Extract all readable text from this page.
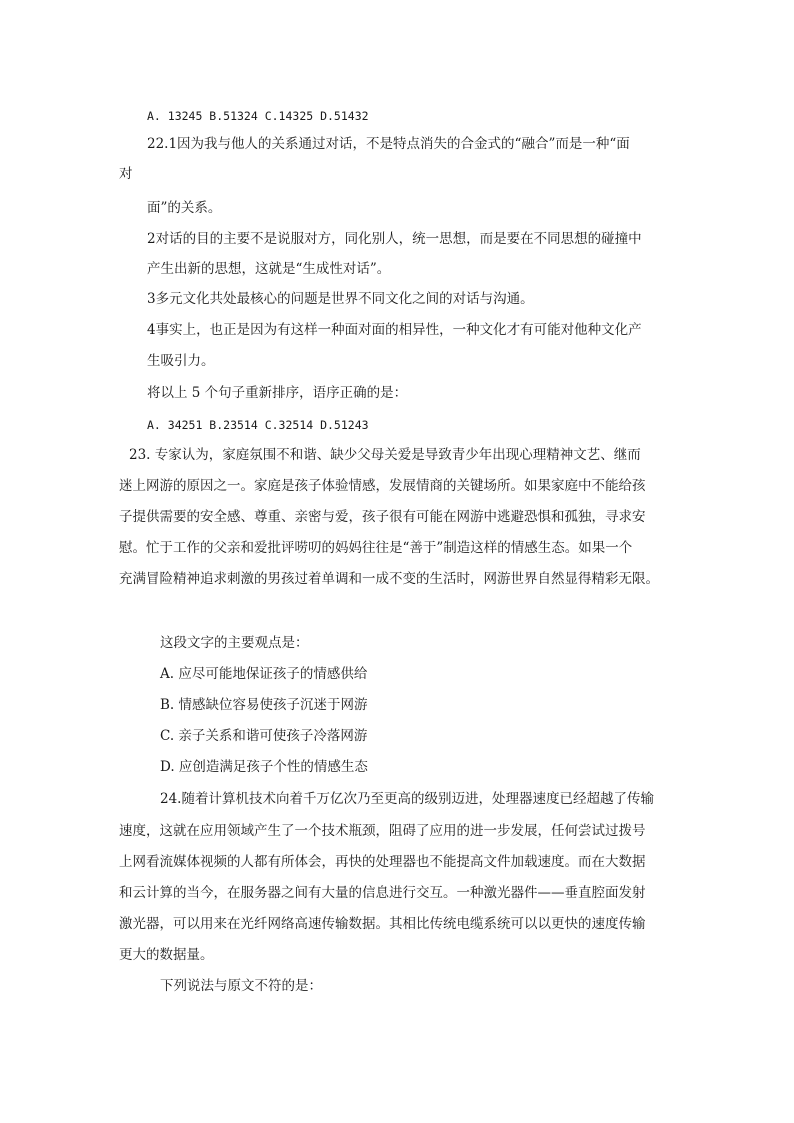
A. 13245 B.51324 C.14325 D.51432
22.1因为我与他人的关系通过对话，不是特点消失的合金式的“融合”而是一种“面
对
面”的关系。
2对话的目的主要不是说服对方，同化别人，统一思想，而是要在不同思想的碰撞中
产生出新的思想，这就是“生成性对话”。
3多元文化共处最核心的问题是世界不同文化之间的对话与沟通。
4事实上，也正是因为有这样一种面对面的相异性，一种文化才有可能对他种文化产
生吸引力。
将以上 5 个句子重新排序，语序正确的是：
A. 34251 B.23514 C.32514 D.51243
23. 专家认为，家庭氛围不和谐、缺少父母关爱是导致青少年出现心理精神文艺、继而
迷上网游的原因之一。家庭是孩子体验情感，发展情商的关键场所。如果家庭中不能给孩
子提供需要的安全感、尊重、亲密与爱，孩子很有可能在网游中逃避恐惧和孤独，寻求安
慰。忙于工作的父亲和爱批评唠叨的妈妈往往是“善于”制造这样的情感生态。如果一个
充满冒险精神追求刺激的男孩过着单调和一成不变的生活时，网游世界自然显得精彩无限。
这段文字的主要观点是：
A. 应尽可能地保证孩子的情感供给
B. 情感缺位容易使孩子沉迷于网游
C. 亲子关系和谐可使孩子冷落网游
D. 应创造满足孩子个性的情感生态
24.随着计算机技术向着千万亿次乃至更高的级别迈进，处理器速度已经超越了传输
速度，这就在应用领域产生了一个技术瓶颈，阻碍了应用的进一步发展，任何尝试过拨号
上网看流媒体视频的人都有所体会，再快的处理器也不能提高文件加载速度。而在大数据
和云计算的当今，在服务器之间有大量的信息进行交互。一种激光器件——垂直腔面发射
激光器，可以用来在光纤网络高速传输数据。其相比传统电缆系统可以以更快的速度传输
更大的数据量。
下列说法与原文不符的是：
